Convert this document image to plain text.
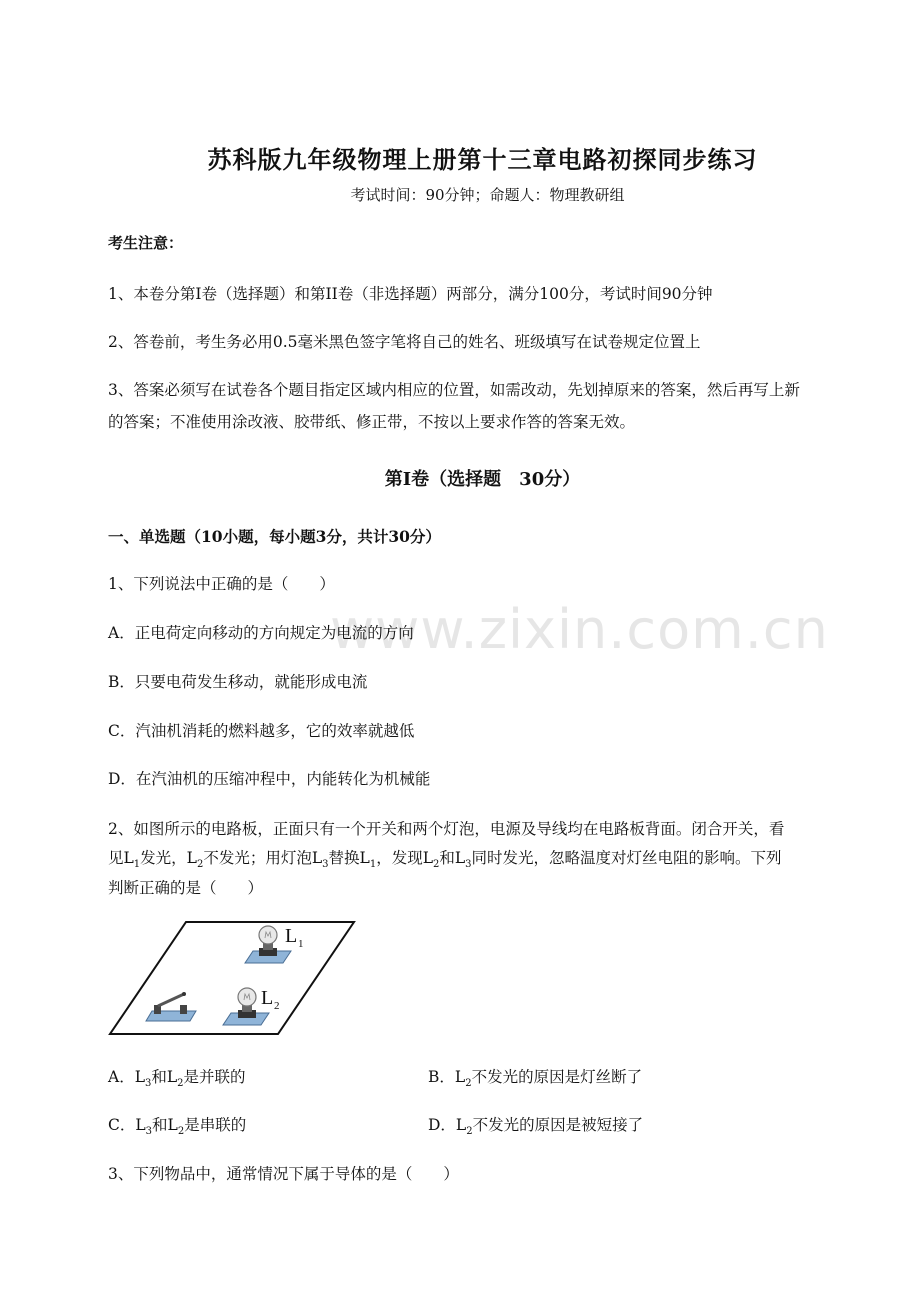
www.zixin.com.cn
苏科版九年级物理上册第十三章电路初探同步练习
考试时间：90分钟；命题人：物理教研组
考生注意：
1、本卷分第I卷（选择题）和第II卷（非选择题）两部分，满分100分，考试时间90分钟
2、答卷前，考生务必用0.5毫米黑色签字笔将自己的姓名、班级填写在试卷规定位置上
3、答案必须写在试卷各个题目指定区域内相应的位置，如需改动，先划掉原来的答案，然后再写上新
的答案；不准使用涂改液、胶带纸、修正带，不按以上要求作答的答案无效。
第I卷（选择题　30分）
一、单选题（10小题，每小题3分，共计30分）
1、下列说法中正确的是（　　）
A．正电荷定向移动的方向规定为电流的方向
B．只要电荷发生移动，就能形成电流
C．汽油机消耗的燃料越多，它的效率就越低
D．在汽油机的压缩冲程中，内能转化为机械能
2、如图所示的电路板，正面只有一个开关和两个灯泡，电源及导线均在电路板背面。闭合开关，看
见$L_1$发光，$L_2$不发光；用灯泡$L_3$替换$L_1$，发现$L_2$和$L_3$同时发光，忽略温度对灯丝电阻的影响。下列
判断正确的是（　　）
L 1
L 2
A．$L_3$和$L_2$是并联的	B．$L_2$不发光的原因是灯丝断了
C．$L_3$和$L_2$是串联的	D．$L_2$不发光的原因是被短接了
3、下列物品中，通常情况下属于导体的是（　　）
